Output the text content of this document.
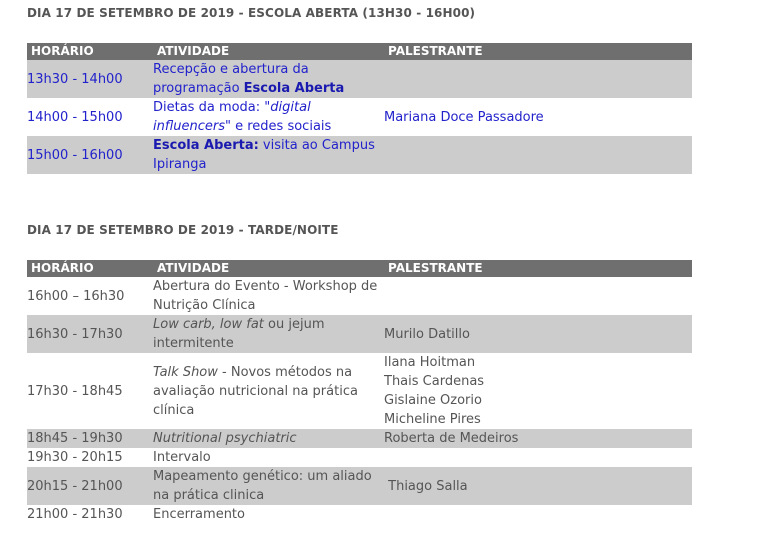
DIA 17 DE SETEMBRO DE 2019 - ESCOLA ABERTA (13H30 - 16H00)
HORÁRIO	ATIVIDADE	PALESTRANTE
13h30 - 14h00	Recepção e abertura da programação Escola Aberta	
14h00 - 15h00	Dietas da moda: "digital influencers" e redes sociais	Mariana Doce Passadore
15h00 - 16h00	Escola Aberta: visita ao Campus Ipiranga	
DIA 17 DE SETEMBRO DE 2019 - TARDE/NOITE
HORÁRIO	ATIVIDADE	PALESTRANTE
16h00 – 16h30	Abertura do Evento - Workshop de Nutrição Clínica	
16h30 - 17h30	Low carb, low fat ou jejum intermitente	Murilo Datillo
17h30 - 18h45	Talk Show - Novos métodos na avaliação nutricional na prática clínica	Ilana Hoitman
Thais Cardenas
Gislaine Ozorio
Micheline Pires

18h45 - 19h30	Nutritional psychiatric	Roberta de Medeiros
19h30 - 20h15	Intervalo	
20h15 - 21h00	Mapeamento genético: um aliado na prática clinica	Thiago Salla
21h00 - 21h30	Encerramento	
